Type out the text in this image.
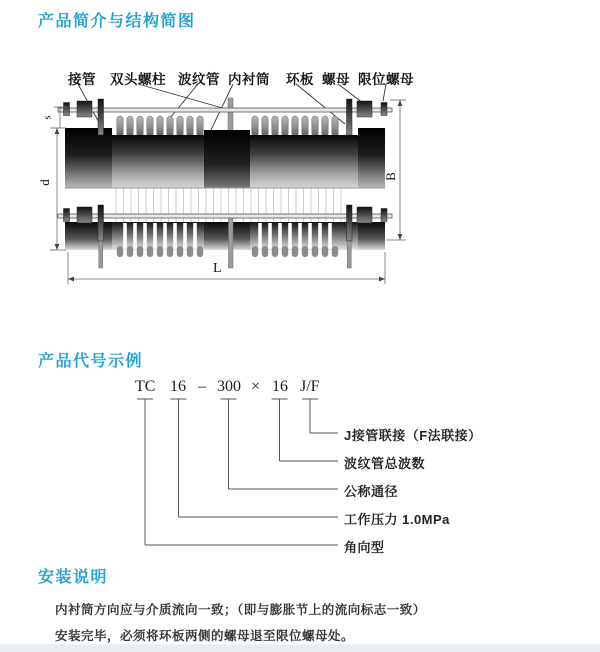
产品简介与结构简图
接管 双头螺柱 波纹管 内衬筒 环板 螺母 限位螺母
s
d
B
L
产品代号示例
TC 16 – 300 × 16 J/F
J接管联接（F法联接）
波纹管总波数
公称通径
工作压力 1.0MPa
角向型
安装说明

内衬筒方向应与介质流向一致；（即与膨胀节上的流向标志一致）

安装完毕，必须将环板两侧的螺母退至限位螺母处。
